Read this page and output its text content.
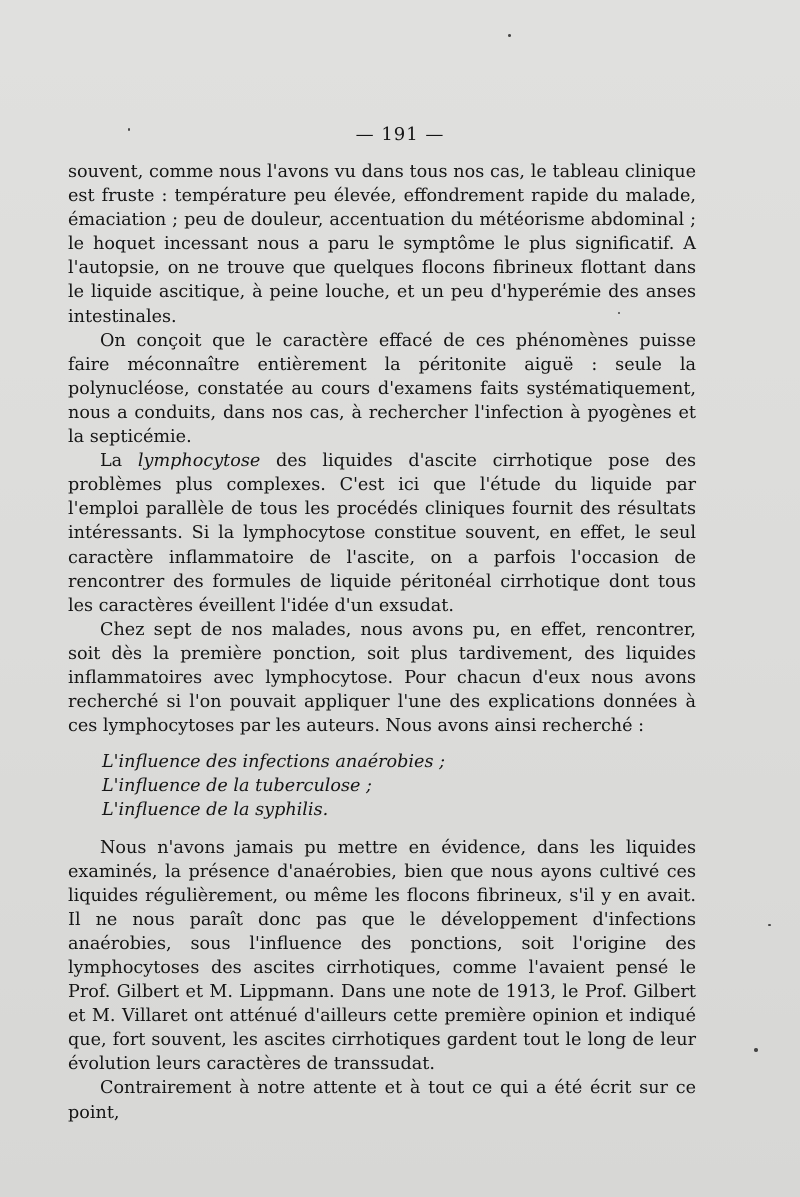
— 191 —

souvent, comme nous l'avons vu dans tous nos cas, le tableau clinique est fruste : température peu élevée, effondrement rapide du malade, émaciation ; peu de douleur, accentuation du météorisme abdominal ; le hoquet incessant nous a paru le symptôme le plus significatif. A l'autopsie, on ne trouve que quelques flocons fibrineux flottant dans le liquide ascitique, à peine louche, et un peu d'hyperémie des anses intestinales.

On conçoit que le caractère effacé de ces phénomènes puisse faire méconnaître entièrement la péritonite aiguë : seule la polynucléose, constatée au cours d'examens faits systématiquement, nous a conduits, dans nos cas, à rechercher l'infection à pyogènes et la septicémie.

La lymphocytose des liquides d'ascite cirrhotique pose des problèmes plus complexes. C'est ici que l'étude du liquide par l'emploi parallèle de tous les procédés cliniques fournit des résultats intéressants. Si la lymphocytose constitue souvent, en effet, le seul caractère inflammatoire de l'ascite, on a parfois l'occasion de rencontrer des formules de liquide péritonéal cirrhotique dont tous les caractères éveillent l'idée d'un exsudat.

Chez sept de nos malades, nous avons pu, en effet, rencontrer, soit dès la première ponction, soit plus tardivement, des liquides inflammatoires avec lymphocytose. Pour chacun d'eux nous avons recherché si l'on pouvait appliquer l'une des explications données à ces lymphocytoses par les auteurs. Nous avons ainsi recherché :

L'influence des infections anaérobies ;
L'influence de la tuberculose ;
L'influence de la syphilis.

Nous n'avons jamais pu mettre en évidence, dans les liquides examinés, la présence d'anaérobies, bien que nous ayons cultivé ces liquides régulièrement, ou même les flocons fibrineux, s'il y en avait. Il ne nous paraît donc pas que le développement d'infections anaérobies, sous l'influence des ponctions, soit l'origine des lymphocytoses des ascites cirrhotiques, comme l'avaient pensé le Prof. Gilbert et M. Lippmann. Dans une note de 1913, le Prof. Gilbert et M. Villaret ont atténué d'ailleurs cette première opinion et indiqué que, fort souvent, les ascites cirrhotiques gardent tout le long de leur évolution leurs caractères de transsudat.

Contrairement à notre attente et à tout ce qui a été écrit sur ce point,
